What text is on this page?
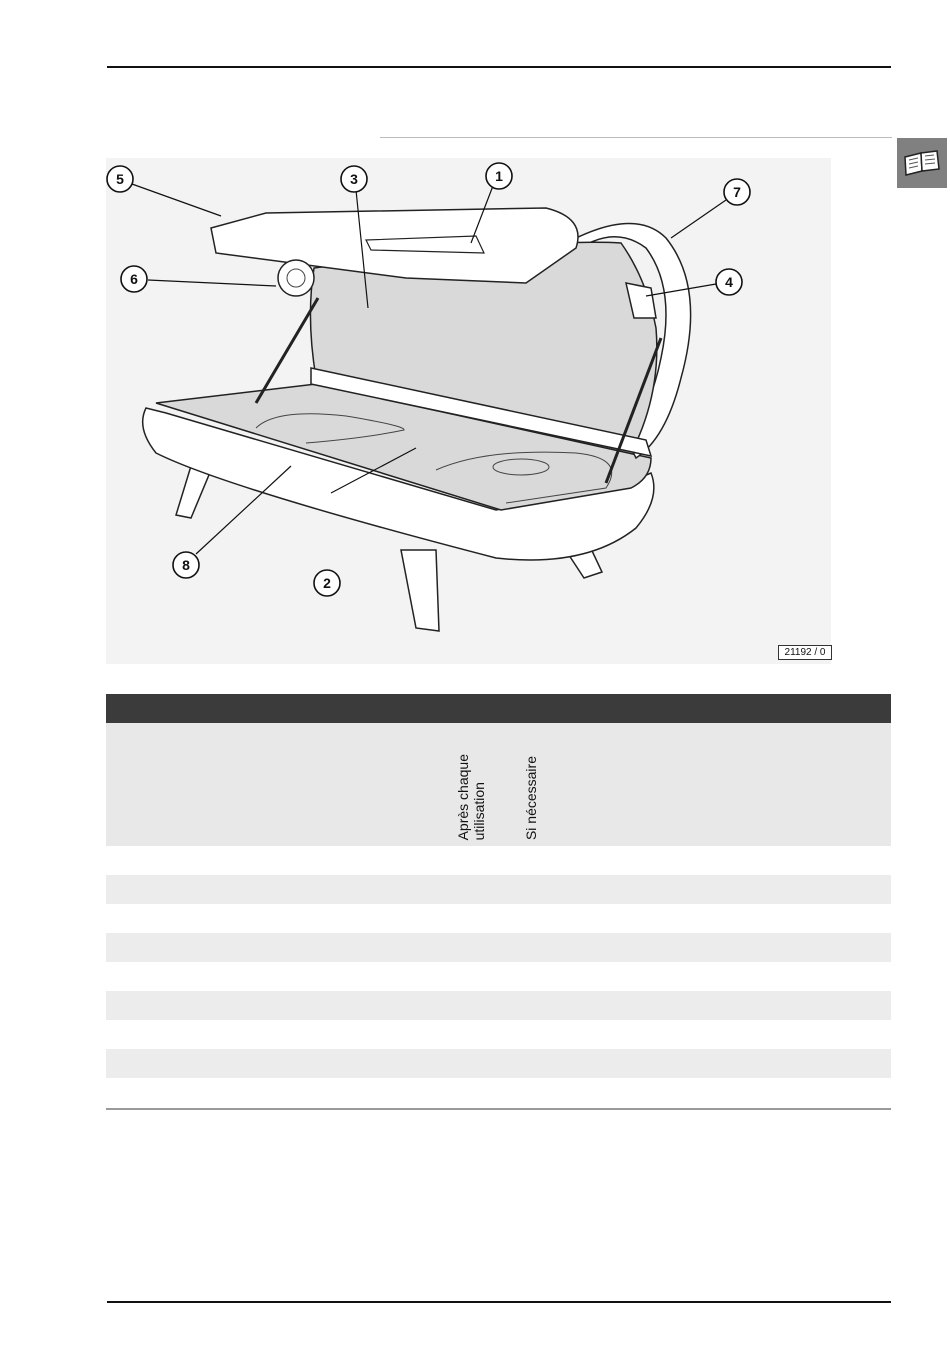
1
2
3
4
5
6
7
8
21192 / 0
Après chaque
utilisation	Si nécessaire
